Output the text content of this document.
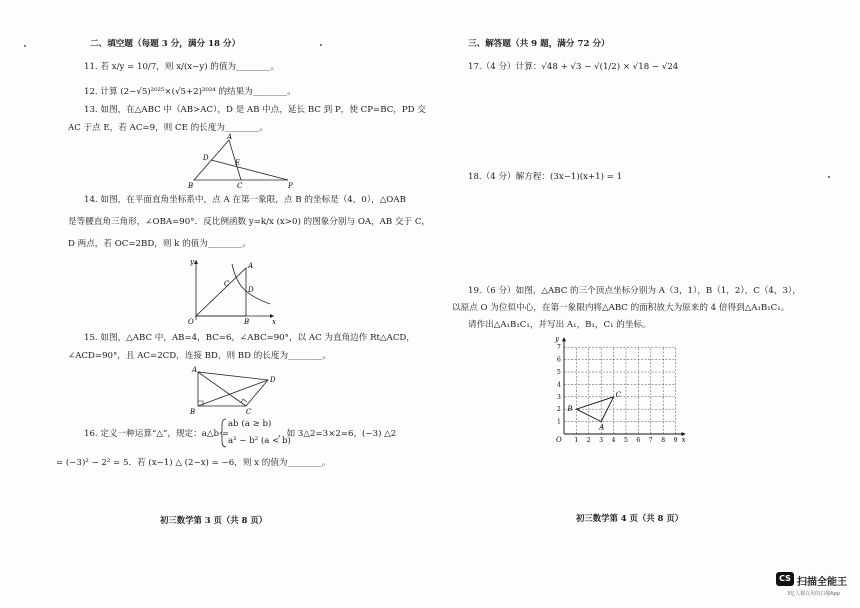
二、填空题（每题 3 分，满分 18 分）
11. 若 x/y = 10/7，则 x/(x−y) 的值为________。
12. 计算 (2−√5)²⁰²⁵×(√5+2)²⁰²⁴ 的结果为________。
13. 如图，在△ABC 中（AB>AC），D 是 AB 中点，延长 BC 到 P，使 CP=BC，PD 交
AC 于点 E，若 AC=9，则 CE 的长度为________。
A
B	C
D
E
P
14. 如图，在平面直角坐标系中，点 A 在第一象限，点 B 的坐标是（4，0），△OAB
是等腰直角三角形，∠OBA=90°．反比例函数 y=k/x (x>0) 的图象分别与 OA，AB 交于 C，
D 两点，若 OC=2BD，则 k 的值为________。
y
x
O
A
B
C
D
15. 如图，△ABC 中，AB=4，BC=6，∠ABC=90°，以 AC 为直角边作 Rt△ACD，
∠ACD=90°，且 AC=2CD，连接 BD，则 BD 的长度为________。
A
B	C
D
16. 定义一种运算“△”，规定：a△b =
ab (a ≥ b)
a² − b² (a < b)
，如 3△2=3×2=6，(−3) △2
= (−3)² − 2² = 5．若 (x−1) △ (2−x) = −6，则 x 的值为________。
初三数学第 3 页（共 8 页）
三、解答题（共 9 题，满分 72 分）
17.（4 分）计算：√48 + √3 − √(1/2) × √18 − √24
18.（4 分）解方程：(3x−1)(x+1) = 1
19.（6 分）如图，△ABC 的三个顶点坐标分别为 A（3，1），B（1，2），C（4，3），
以原点 O 为位似中心，在第一象限内将△ABC 的面积放大为原来的 4 倍得到△A₁B₁C₁。
请作出△A₁B₁C₁，并写出 A₁，B₁，C₁ 的坐标。
1 2 3 4 5 6 7 8 9
1
2
3
4
5
6
7
x
y
O
A
B
C
初三数学第 4 页（共 8 页）
CS 扫描全能王
3亿人都在用的扫描App
